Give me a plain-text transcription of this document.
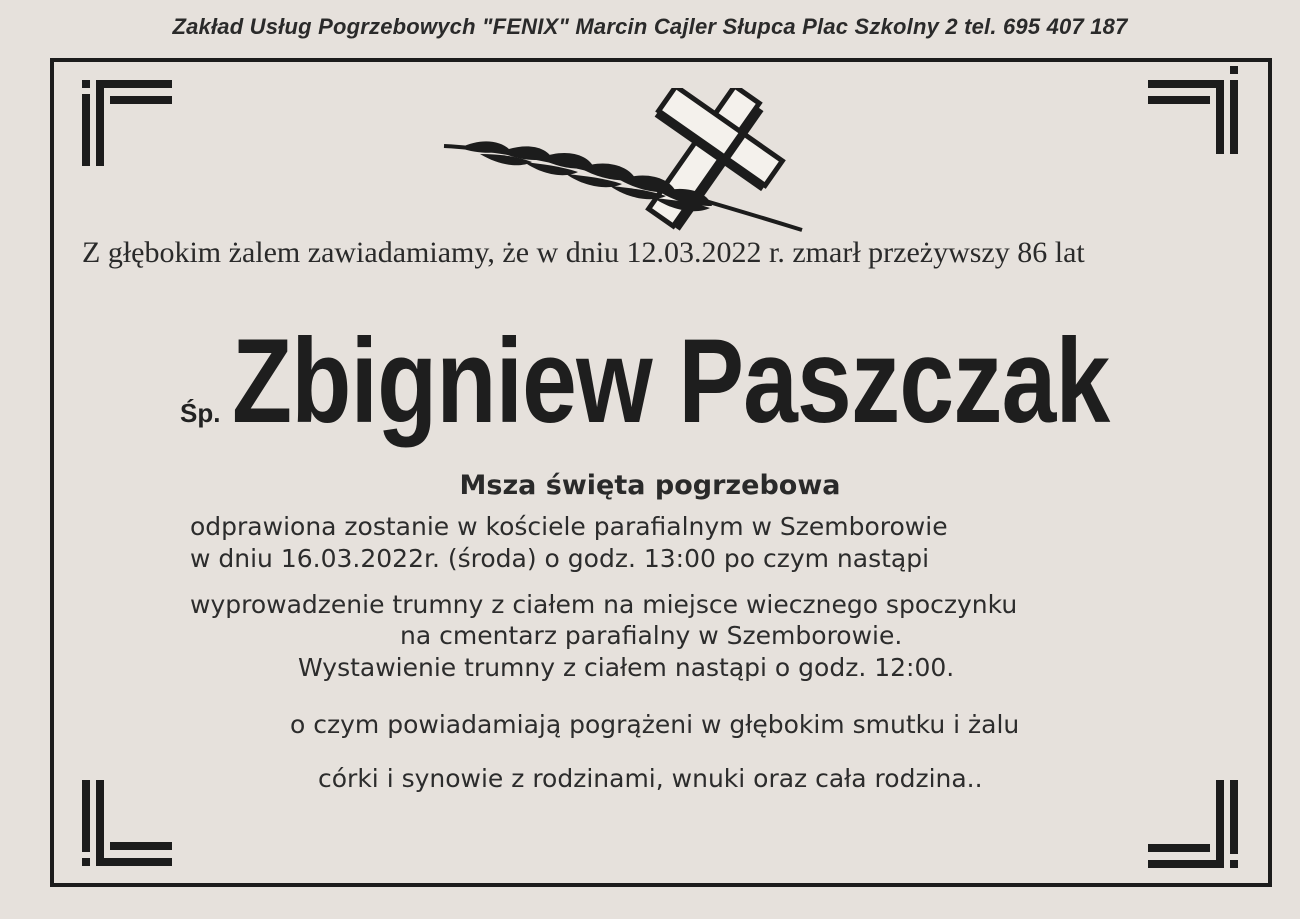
Zakład Usług Pogrzebowych "FENIX" Marcin Cajler Słupca Plac Szkolny 2 tel. 695 407 187
Z głębokim żalem zawiadamiamy, że w dniu 12.03.2022 r. zmarł przeżywszy 86 lat
Śp. Zbigniew Paszczak
Msza święta pogrzebowa
odprawiona zostanie w kościele parafialnym w Szemborowie
w dniu 16.03.2022r. (środa) o godz. 13:00 po czym nastąpi
wyprowadzenie trumny z ciałem na miejsce wiecznego spoczynku
na cmentarz parafialny w Szemborowie.
Wystawienie trumny z ciałem nastąpi o godz. 12:00.
o czym powiadamiają pogrążeni w głębokim smutku i żalu
córki i synowie z rodzinami, wnuki oraz cała rodzina..
